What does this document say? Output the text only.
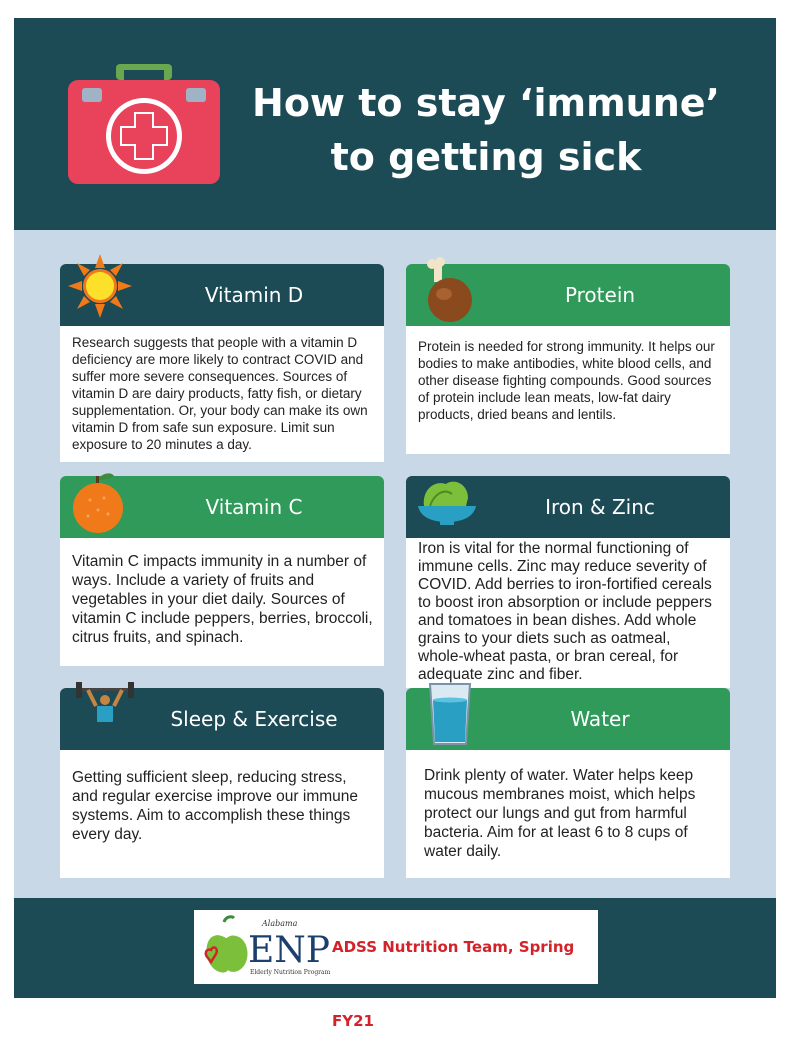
How to stay ‘immune’
to getting sick
Vitamin D
Research suggests that people with a vitamin D deficiency are more likely to contract COVID and suffer more severe consequences. Sources of vitamin D are dairy products, fatty fish, or dietary supplementation. Or, your body can make its own vitamin D from safe sun exposure. Limit sun exposure to 20 minutes a day.
Protein
Protein is needed for strong immunity. It helps our bodies to make antibodies, white blood cells, and other disease fighting compounds. Good sources of protein include lean meats, low-fat dairy products, dried beans and lentils.
Vitamin C
Vitamin C impacts immunity in a number of ways. Include a variety of fruits and vegetables in your diet daily. Sources of vitamin C include peppers, berries, broccoli, citrus fruits, and spinach.
Iron & Zinc
Iron is vital for the normal functioning of immune cells. Zinc may reduce severity of COVID. Add berries to iron-fortified cereals to boost iron absorption or include peppers and tomatoes in bean dishes. Add whole grains to your diets such as oatmeal, whole-wheat pasta, or bran cereal, for adequate zinc and fiber.
Sleep & Exercise
Getting sufficient sleep, reducing stress, and regular exercise improve our immune systems. Aim to accomplish these things every day.
Water
Drink plenty of water. Water helps keep mucous membranes moist, which helps protect our lungs and gut from harmful bacteria. Aim for at least 6 to 8 cups of water daily.
Alabama
ENP
Elderly Nutrition Program
ADSS Nutrition Team, Spring FY21
